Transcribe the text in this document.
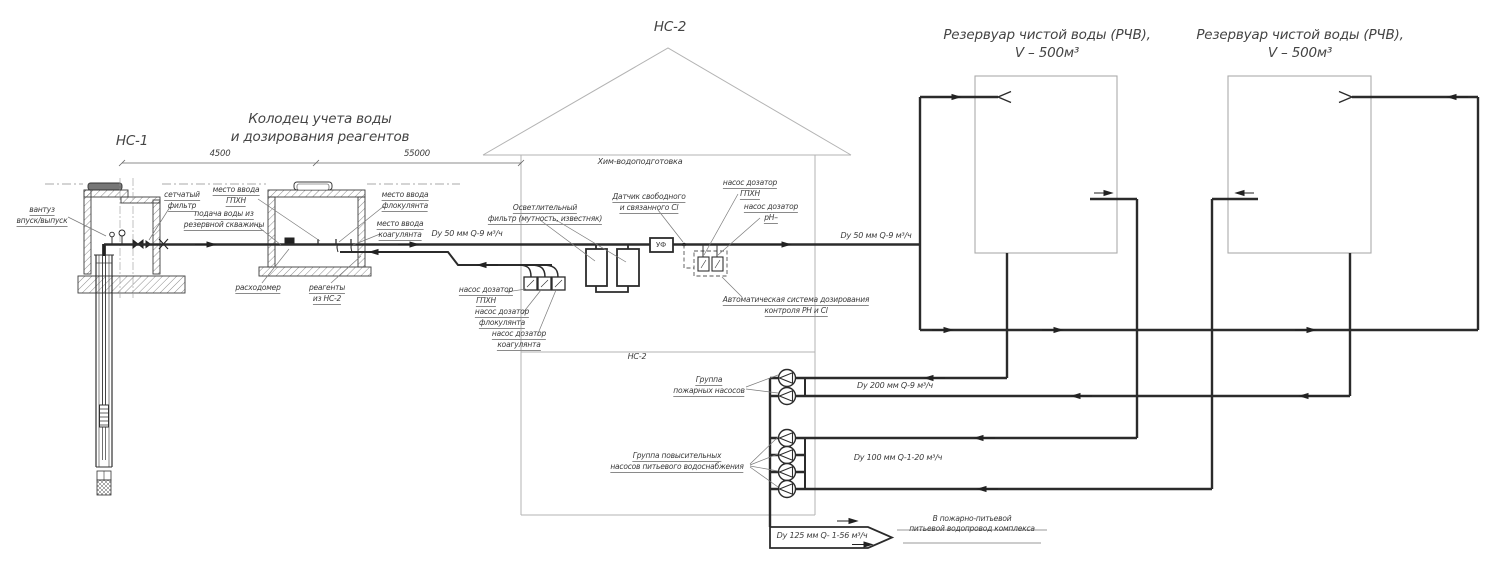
НС-1
Колодец учета воды
и дозирования реагентов
НС-2	Резервуар чистой воды (РЧВ),
V – 500м³
Резервуар чистой воды (РЧВ),
V – 500м³
4500	55000
вантуз
впуск/выпуск
сетчатый
фильтр
место ввода
ГПХН
подача воды из
резервной скважины
место ввода
флокулянта
место ввода
коагулянта
расходомер	реагенты
из НС-2
Dy 50 мм Q-9 м³/ч
Хим-водоподготовка
Осветлительный
фильтр (мутность, известняк)
Датчик свободного
и связанного Cl
УФ
насос дозатор
ГПХН
насос дозатор
pH–
Dy 50 мм Q-9 м³/ч
насос дозатор
ГПХН
насос дозатор
флокулянта
насос дозатор
коагулянта
Автоматическая система дозирования
контроля PH и Cl
НС-2
Группа
пожарных насосов
Dy 200 мм Q-9 м³/ч
Группа повысительных
насосов питьевого водоснабжения
Dy 100 мм Q-1-20 м³/ч
Dy 125 мм Q- 1-56 м³/ч
В пожарно-питьевой
питьевой водопровод комплекса
